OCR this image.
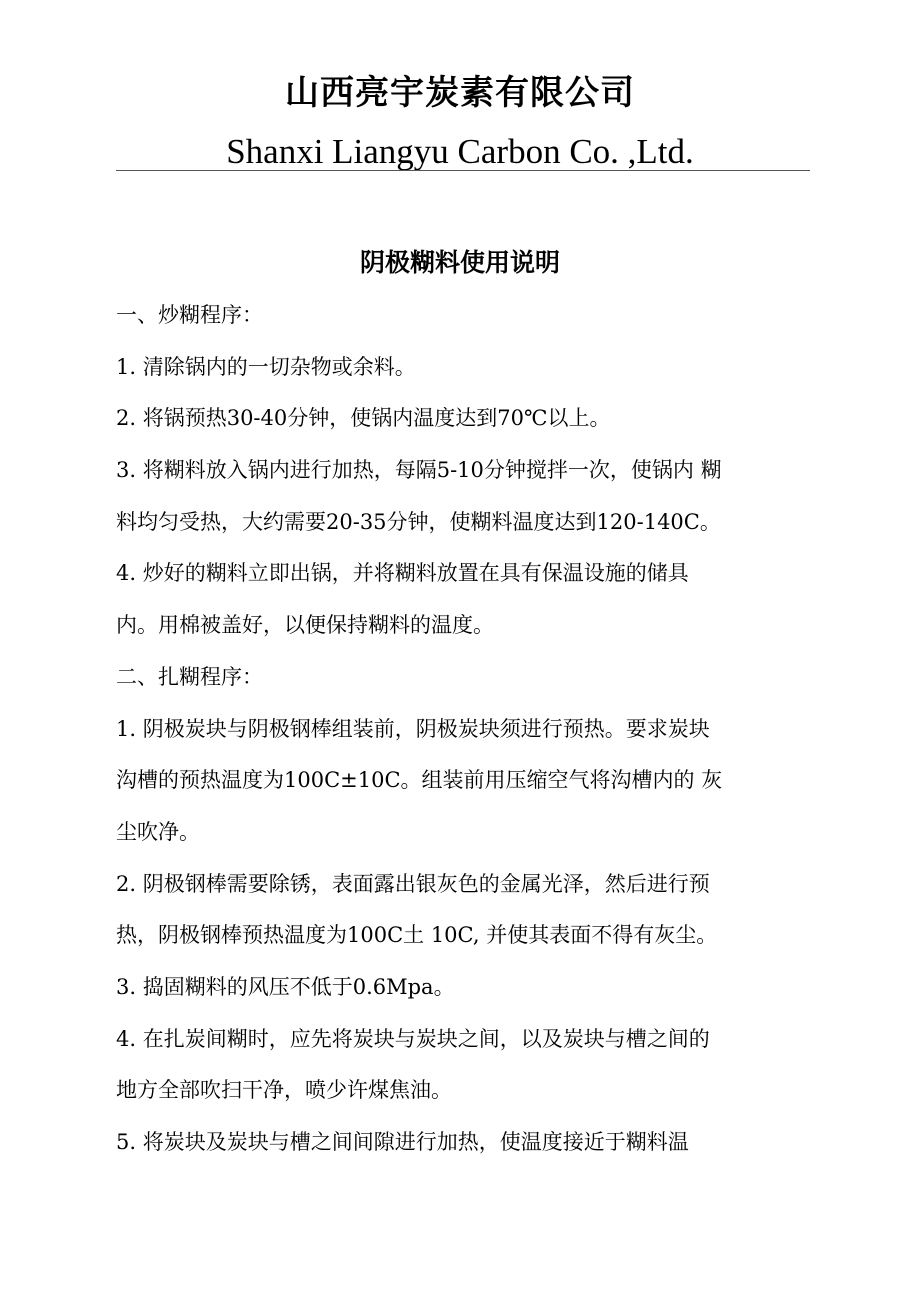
山西亮宇炭素有限公司
Shanxi Liangyu Carbon Co. ,Ltd.
阴极糊料使用说明
一、炒糊程序：
1. 清除锅内的一切杂物或余料。
2. 将锅预热30-40分钟，使锅内温度达到70℃以上。
3. 将糊料放入锅内进行加热，每隔5-10分钟搅拌一次，使锅内 糊
料均匀受热，大约需要20-35分钟，使糊料温度达到120-140C。
4. 炒好的糊料立即出锅，并将糊料放置在具有保温设施的储具
内。用棉被盖好，以便保持糊料的温度。
二、扎糊程序：
1. 阴极炭块与阴极钢棒组装前，阴极炭块须进行预热。要求炭块
沟槽的预热温度为100C±10C。组装前用压缩空气将沟槽内的 灰
尘吹净。
2. 阴极钢棒需要除锈，表面露出银灰色的金属光泽，然后进行预
热，阴极钢棒预热温度为100C土 10C, 并使其表面不得有灰尘。
3. 捣固糊料的风压不低于0.6Mpa。
4. 在扎炭间糊时，应先将炭块与炭块之间，以及炭块与槽之间的
地方全部吹扫干净，喷少许煤焦油。
5. 将炭块及炭块与槽之间间隙进行加热，使温度接近于糊料温
